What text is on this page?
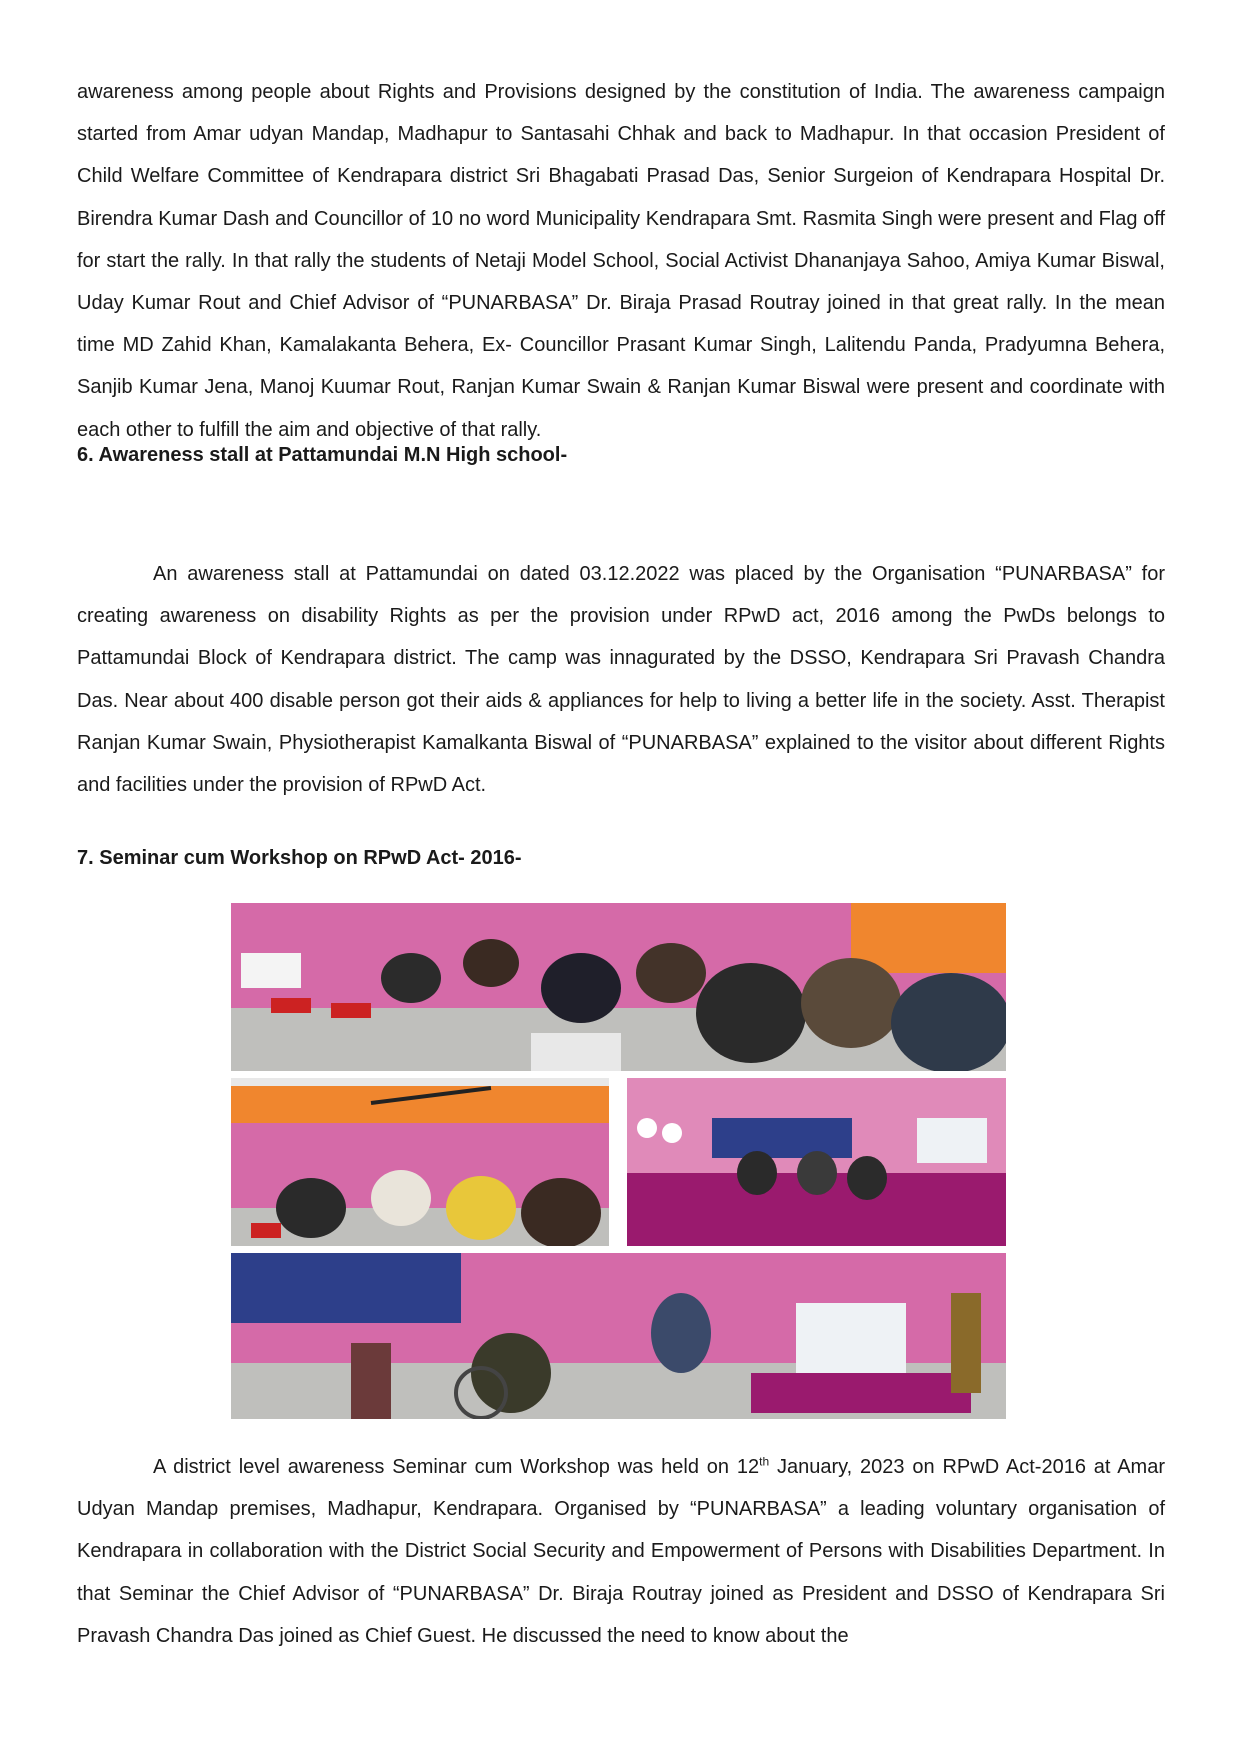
awareness among people about Rights and Provisions designed by the constitution of India. The awareness campaign started from Amar udyan Mandap, Madhapur to Santasahi Chhak and back to Madhapur. In that occasion President of Child Welfare Committee of Kendrapara district Sri Bhagabati Prasad Das, Senior Surgeion of Kendrapara Hospital Dr. Birendra Kumar Dash and Councillor of 10 no word Municipality Kendrapara Smt. Rasmita Singh were present and Flag off for start the rally. In that rally the students of Netaji Model School, Social Activist Dhananjaya Sahoo, Amiya Kumar Biswal, Uday Kumar Rout and Chief Advisor of “PUNARBASA” Dr. Biraja Prasad Routray joined in that great rally. In the mean time MD Zahid Khan, Kamalakanta Behera, Ex- Councillor Prasant Kumar Singh, Lalitendu Panda, Pradyumna Behera, Sanjib Kumar Jena, Manoj Kuumar Rout, Ranjan Kumar Swain & Ranjan Kumar Biswal were present and coordinate with each other to fulfill the aim and objective of that rally.

6. Awareness stall at Pattamundai M.N High school-

An awareness stall at Pattamundai on dated 03.12.2022 was placed by the Organisation “PUNARBASA” for creating awareness on disability Rights as per the provision under RPwD act, 2016 among the PwDs belongs to Pattamundai Block of Kendrapara district. The camp was innagurated by the DSSO, Kendrapara Sri Pravash Chandra Das. Near about 400 disable person got their aids & appliances for help to living a better life in the society. Asst. Therapist Ranjan Kumar Swain, Physiotherapist Kamalkanta Biswal of “PUNARBASA” explained to the visitor about different Rights and facilities under the provision of RPwD Act.

7. Seminar cum Workshop on RPwD Act- 2016-

A district level awareness Seminar cum Workshop was held on 12th January, 2023 on RPwD Act-2016 at Amar Udyan Mandap premises, Madhapur, Kendrapara. Organised by “PUNARBASA” a leading voluntary organisation of Kendrapara in collaboration with the District Social Security and Empowerment of Persons with Disabilities Department. In that Seminar the Chief Advisor of “PUNARBASA” Dr. Biraja Routray joined as President and DSSO of Kendrapara Sri Pravash Chandra Das joined as Chief Guest. He discussed the need to know about the
